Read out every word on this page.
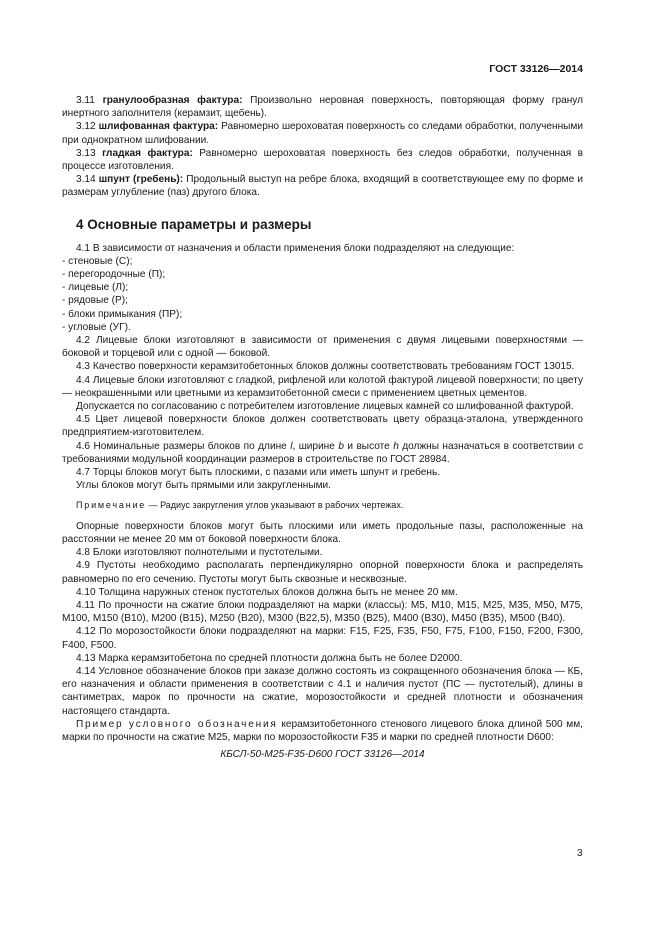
ГОСТ 33126—2014

3.11 гранулообразная фактура: Произвольно неровная поверхность, повторяющая форму гранул инертного заполнителя (керамзит, щебень).

3.12 шлифованная фактура: Равномерно шероховатая поверхность со следами обработки, полученными при однократном шлифовании.

3.13 гладкая фактура: Равномерно шероховатая поверхность без следов обработки, полученная в процессе изготовления.

3.14 шпунт (гребень): Продольный выступ на ребре блока, входящий в соответствующее ему по форме и размерам углубление (паз) другого блока.

4 Основные параметры и размеры

4.1 В зависимости от назначения и области применения блоки подразделяют на следующие:

- стеновые (С);

- перегородочные (П);

- лицевые (Л);

- рядовые (Р);

- блоки примыкания (ПР);

- угловые (УГ).

4.2 Лицевые блоки изготовляют в зависимости от применения с двумя лицевыми поверхностями — боковой и торцевой или с одной — боковой.

4.3 Качество поверхности керамзитобетонных блоков должны соответствовать требованиям ГОСТ 13015.

4.4 Лицевые блоки изготовляют с гладкой, рифленой или колотой фактурой лицевой поверхности; по цвету — неокрашенными или цветными из керамзитобетонной смеси с применением цветных цементов.

Допускается по согласованию с потребителем изготовление лицевых камней со шлифованной фактурой.

4.5 Цвет лицевой поверхности блоков должен соответствовать цвету образца-эталона, утвержденного предприятием-изготовителем.

4.6 Номинальные размеры блоков по длине l, ширине b и высоте h должны назначаться в соответствии с требованиями модульной координации размеров в строительстве по ГОСТ 28984.

4.7 Торцы блоков могут быть плоскими, с пазами или иметь шпунт и гребень.

Углы блоков могут быть прямыми или закругленными.

Примечание — Радиус закругления углов указывают в рабочих чертежах.

Опорные поверхности блоков могут быть плоскими или иметь продольные пазы, расположенные на расстоянии не менее 20 мм от боковой поверхности блока.

4.8 Блоки изготовляют полнотелыми и пустотелыми.

4.9 Пустоты необходимо располагать перпендикулярно опорной поверхности блока и распределять равномерно по его сечению. Пустоты могут быть сквозные и несквозные.

4.10 Толщина наружных стенок пустотелых блоков должна быть не менее 20 мм.

4.11 По прочности на сжатие блоки подразделяют на марки (классы): М5, М10, М15, М25, М35, М50, М75, М100, М150 (В10), М200 (В15), М250 (В20), М300 (В22,5), М350 (В25), М400 (В30), М450 (В35), М500 (В40).

4.12 По морозостойкости блоки подразделяют на марки: F15, F25, F35, F50, F75, F100, F150, F200, F300, F400, F500.

4.13 Марка керамзитобетона по средней плотности должна быть не более D2000.

4.14 Условное обозначение блоков при заказе должно состоять из сокращенного обозначения блока — КБ, его назначения и области применения в соответствии с 4.1 и наличия пустот (ПС — пустотелый), длины в сантиметрах, марок по прочности на сжатие, морозостойкости и средней плотности и обозначения настоящего стандарта.

Пример условного обозначения керамзитобетонного стенового лицевого блока длиной 500 мм, марки по прочности на сжатие М25, марки по морозостойкости F35 и марки по средней плотности D600:

КБСЛ-50-М25-F35-D600 ГОСТ 33126—2014

3
